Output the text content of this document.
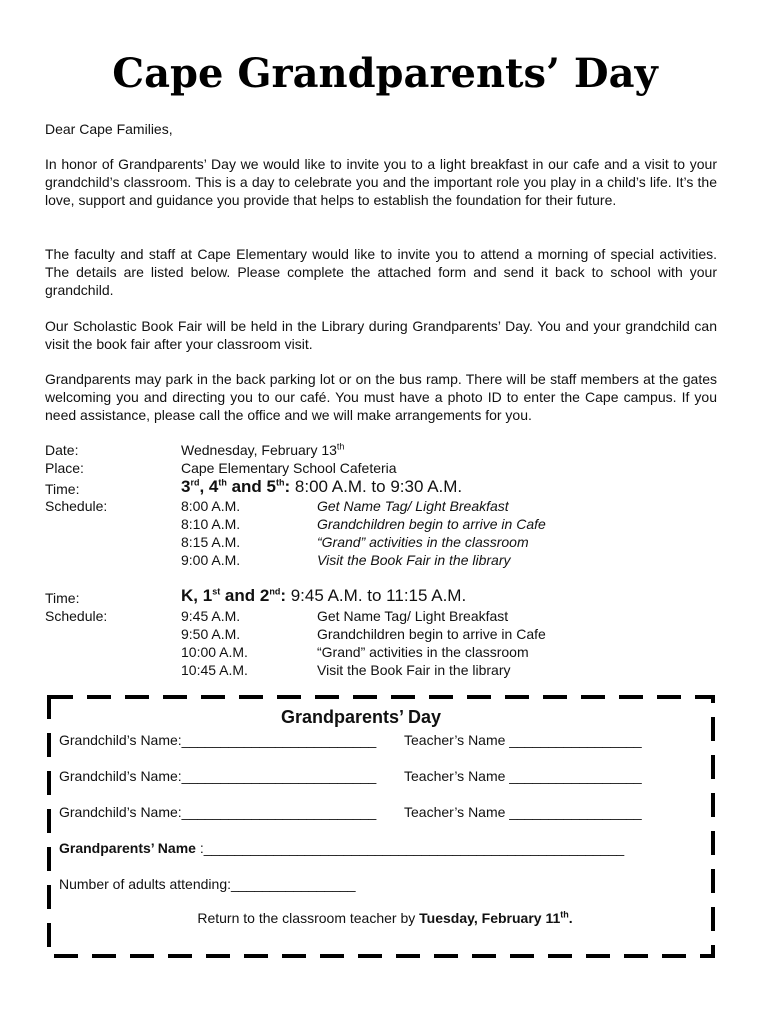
Cape Grandparents’ Day

Dear Cape Families,

In honor of Grandparents’ Day we would like to invite you to a light breakfast in our cafe and a visit to your grandchild’s classroom. This is a day to celebrate you and the important role you play in a child’s life. It’s the love, support and guidance you provide that helps to establish the foundation for their future.

The faculty and staff at Cape Elementary would like to invite you to attend a morning of special activities. The details are listed below. Please complete the attached form and send it back to school with your grandchild.

Our Scholastic Book Fair will be held in the Library during Grandparents’ Day. You and your grandchild can visit the book fair after your classroom visit.

Grandparents may park in the back parking lot or on the bus ramp. There will be staff members at the gates welcoming you and directing you to our café. You must have a photo ID to enter the Cape campus. If you need assistance, please call the office and we will make arrangements for you.

Date:	Wednesday, February 13th
Place:	Cape Elementary School Cafeteria
Time:	3rd, 4th and 5th: 8:00 A.M. to 9:30 A.M.
Schedule:	8:00 A.M.	Get Name Tag/ Light Breakfast
8:10 A.M.	Grandchildren begin to arrive in Cafe
8:15 A.M.	“Grand” activities in the classroom
9:00 A.M.	Visit the Book Fair in the library
Time:	K, 1st and 2nd: 9:45 A.M. to 11:15 A.M.
Schedule:	9:45 A.M.	Get Name Tag/ Light Breakfast
9:50 A.M.	Grandchildren begin to arrive in Cafe
10:00 A.M.	“Grand” activities in the classroom
10:45 A.M.	Visit the Book Fair in the library
Grandparents’ Day
Grandchild’s Name:_________________________ Teacher’s Name _________________
Grandchild’s Name:_________________________ Teacher’s Name _________________
Grandchild’s Name:_________________________ Teacher’s Name _________________
Grandparents’ Name :______________________________________________________
Number of adults attending:________________
Return to the classroom teacher by Tuesday, February 11th.
